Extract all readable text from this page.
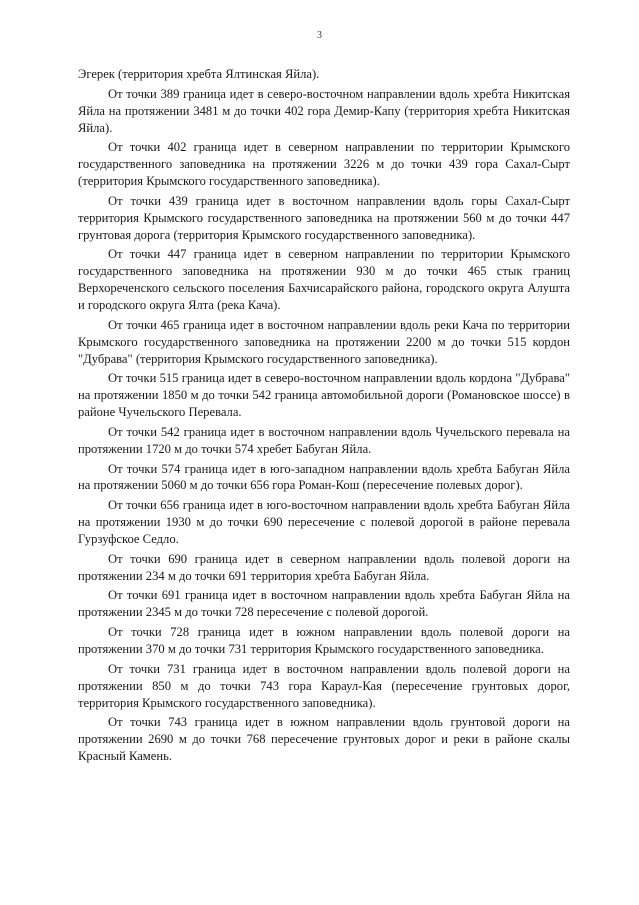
3

Эгерек (территория хребта Ялтинская Яйла).

От точки 389 граница идет в северо-восточном направлении вдоль хребта Никитская Яйла на протяжении 3481 м до точки 402 гора Демир-Капу (территория хребта Никитская Яйла).

От точки 402 граница идет в северном направлении по территории Крымского государственного заповедника на протяжении 3226 м до точки 439 гора Сахал-Сырт (территория Крымского государственного заповедника).

От точки 439 граница идет в восточном направлении вдоль горы Сахал-Сырт территория Крымского государственного заповедника на протяжении 560 м до точки 447 грунтовая дорога (территория Крымского государственного заповедника).

От точки 447 граница идет в северном направлении по территории Крымского государственного заповедника на протяжении 930 м до точки 465 стык границ Верхореченского сельского поселения Бахчисарайского района, городского округа Алушта и городского округа Ялта (река Кача).

От точки 465 граница идет в восточном направлении вдоль реки Кача по территории Крымского государственного заповедника на протяжении 2200 м до точки 515 кордон "Дубрава" (территория Крымского государственного заповедника).

От точки 515 граница идет в северо-восточном направлении вдоль кордона "Дубрава" на протяжении 1850 м до точки 542 граница автомобильной дороги (Романовское шоссе) в районе Чучельского Перевала.

От точки 542 граница идет в восточном направлении вдоль Чучельского перевала на протяжении 1720 м до точки 574 хребет Бабуган Яйла.

От точки 574 граница идет в юго-западном направлении вдоль хребта Бабуган Яйла на протяжении 5060 м до точки 656 гора Роман-Кош (пересечение полевых дорог).

От точки 656 граница идет в юго-восточном направлении вдоль хребта Бабуган Яйла на протяжении 1930 м до точки 690 пересечение с полевой дорогой в районе перевала Гурзуфское Седло.

От точки 690 граница идет в северном направлении вдоль полевой дороги на протяжении 234 м до точки 691 территория хребта Бабуган Яйла.

От точки 691 граница идет в восточном направлении вдоль хребта Бабуган Яйла на протяжении 2345 м до точки 728 пересечение с полевой дорогой.

От точки 728 граница идет в южном направлении вдоль полевой дороги на протяжении 370 м до точки 731 территория Крымского государственного заповедника.

От точки 731 граница идет в восточном направлении вдоль полевой дороги на протяжении 850 м до точки 743 гора Караул-Кая (пересечение грунтовых дорог, территория Крымского государственного заповедника).

От точки 743 граница идет в южном направлении вдоль грунтовой дороги на протяжении 2690 м до точки 768 пересечение грунтовых дорог и реки в районе скалы Красный Камень.
